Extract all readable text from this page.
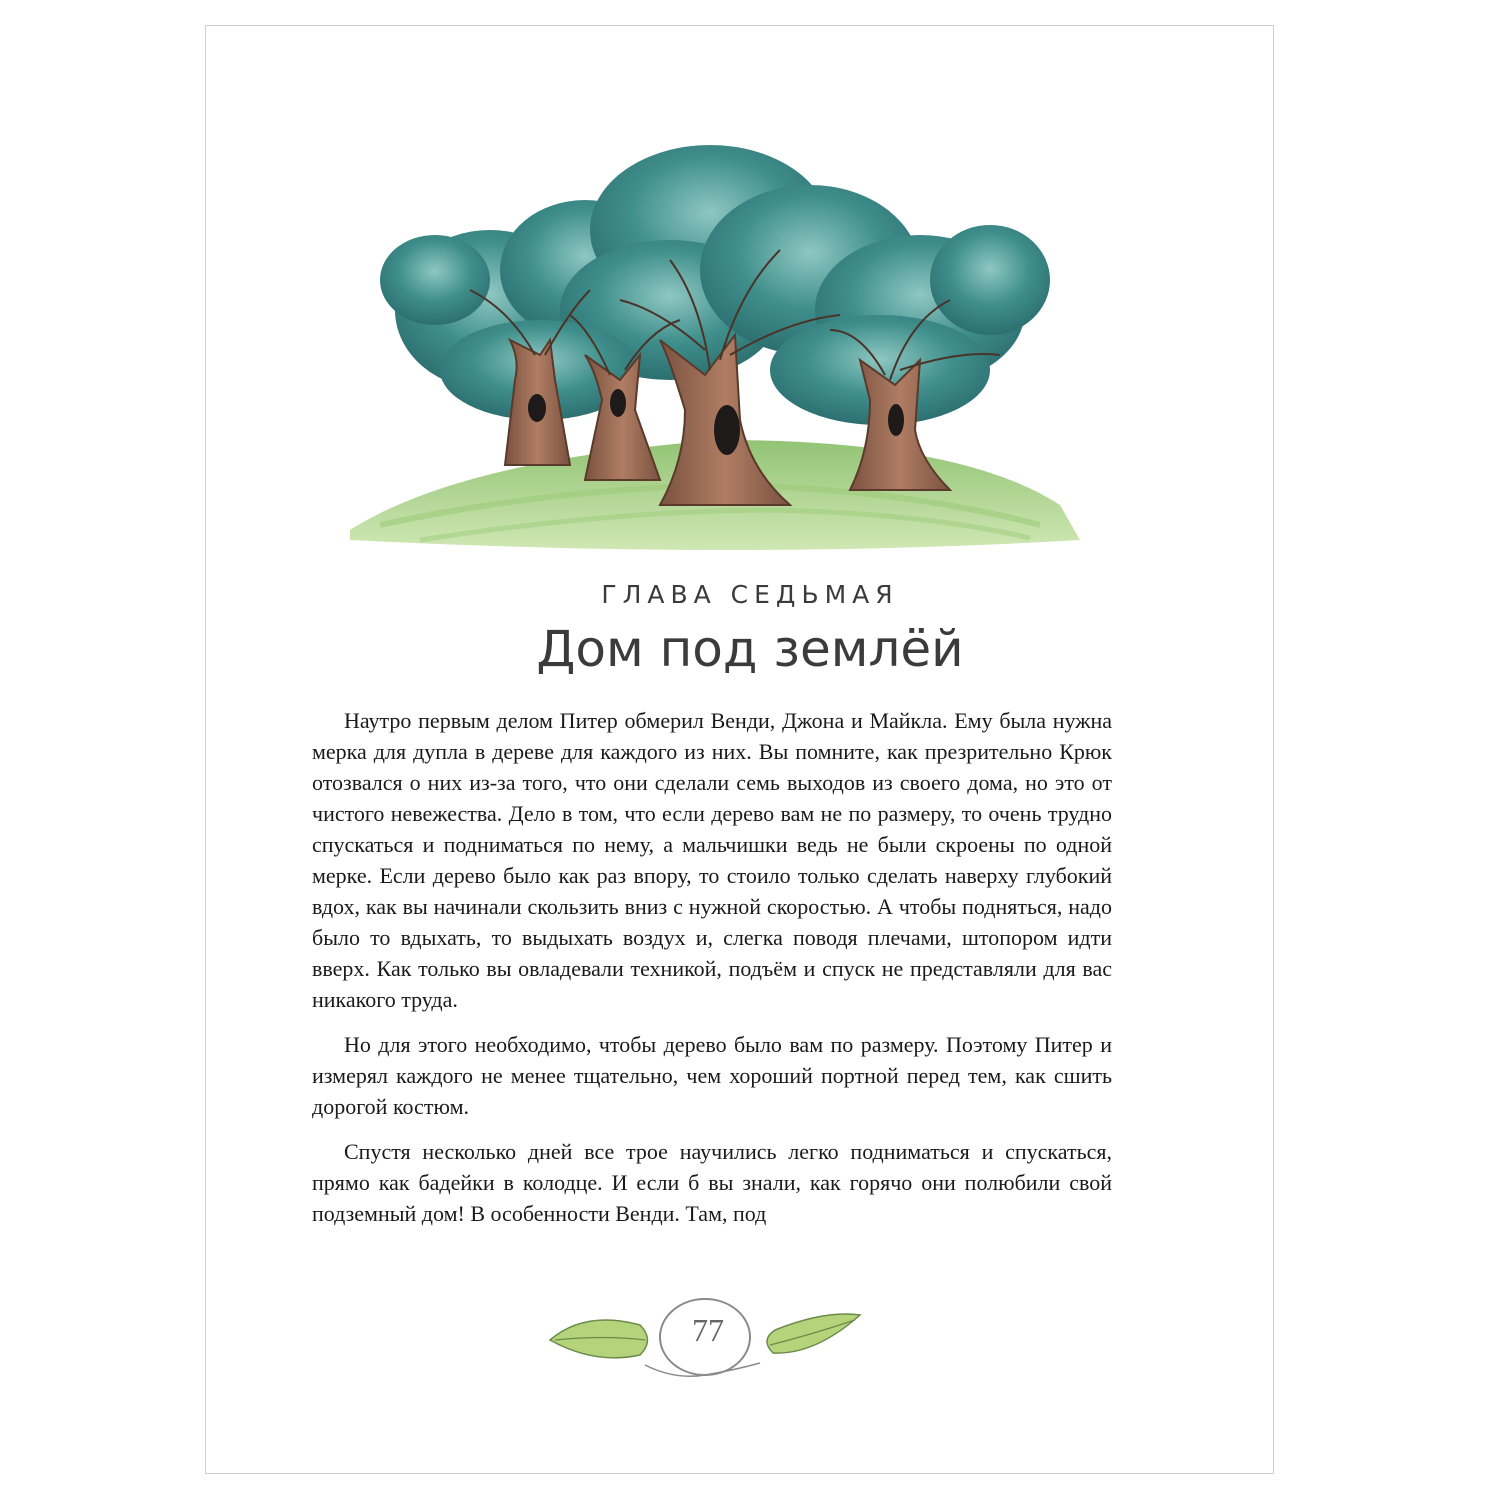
ГЛАВА СЕДЬМАЯ
Дом под землёй

Наутро первым делом Питер обмерил Венди, Джона и Майкла. Ему была нужна мерка для дупла в дереве для каждого из них. Вы помните, как презрительно Крюк отозвался о них из-за того, что они сделали семь выходов из своего дома, но это от чистого невежества. Дело в том, что если дерево вам не по размеру, то очень трудно спускаться и подниматься по нему, а мальчишки ведь не были скроены по одной мерке. Если дерево было как раз впору, то стоило только сделать наверху глубокий вдох, как вы начинали скользить вниз с нужной скоростью. А чтобы подняться, надо было то вдыхать, то выдыхать воздух и, слегка поводя плечами, штопором идти вверх. Как только вы овладевали техникой, подъём и спуск не представляли для вас никакого труда.

Но для этого необходимо, чтобы дерево было вам по размеру. Поэтому Питер и измерял каждого не менее тщательно, чем хороший портной перед тем, как сшить дорогой костюм.

Спустя несколько дней все трое научились легко подниматься и спускаться, прямо как бадейки в колодце. И если б вы знали, как горячо они полюбили свой подземный дом! В особенности Венди. Там, под

77
